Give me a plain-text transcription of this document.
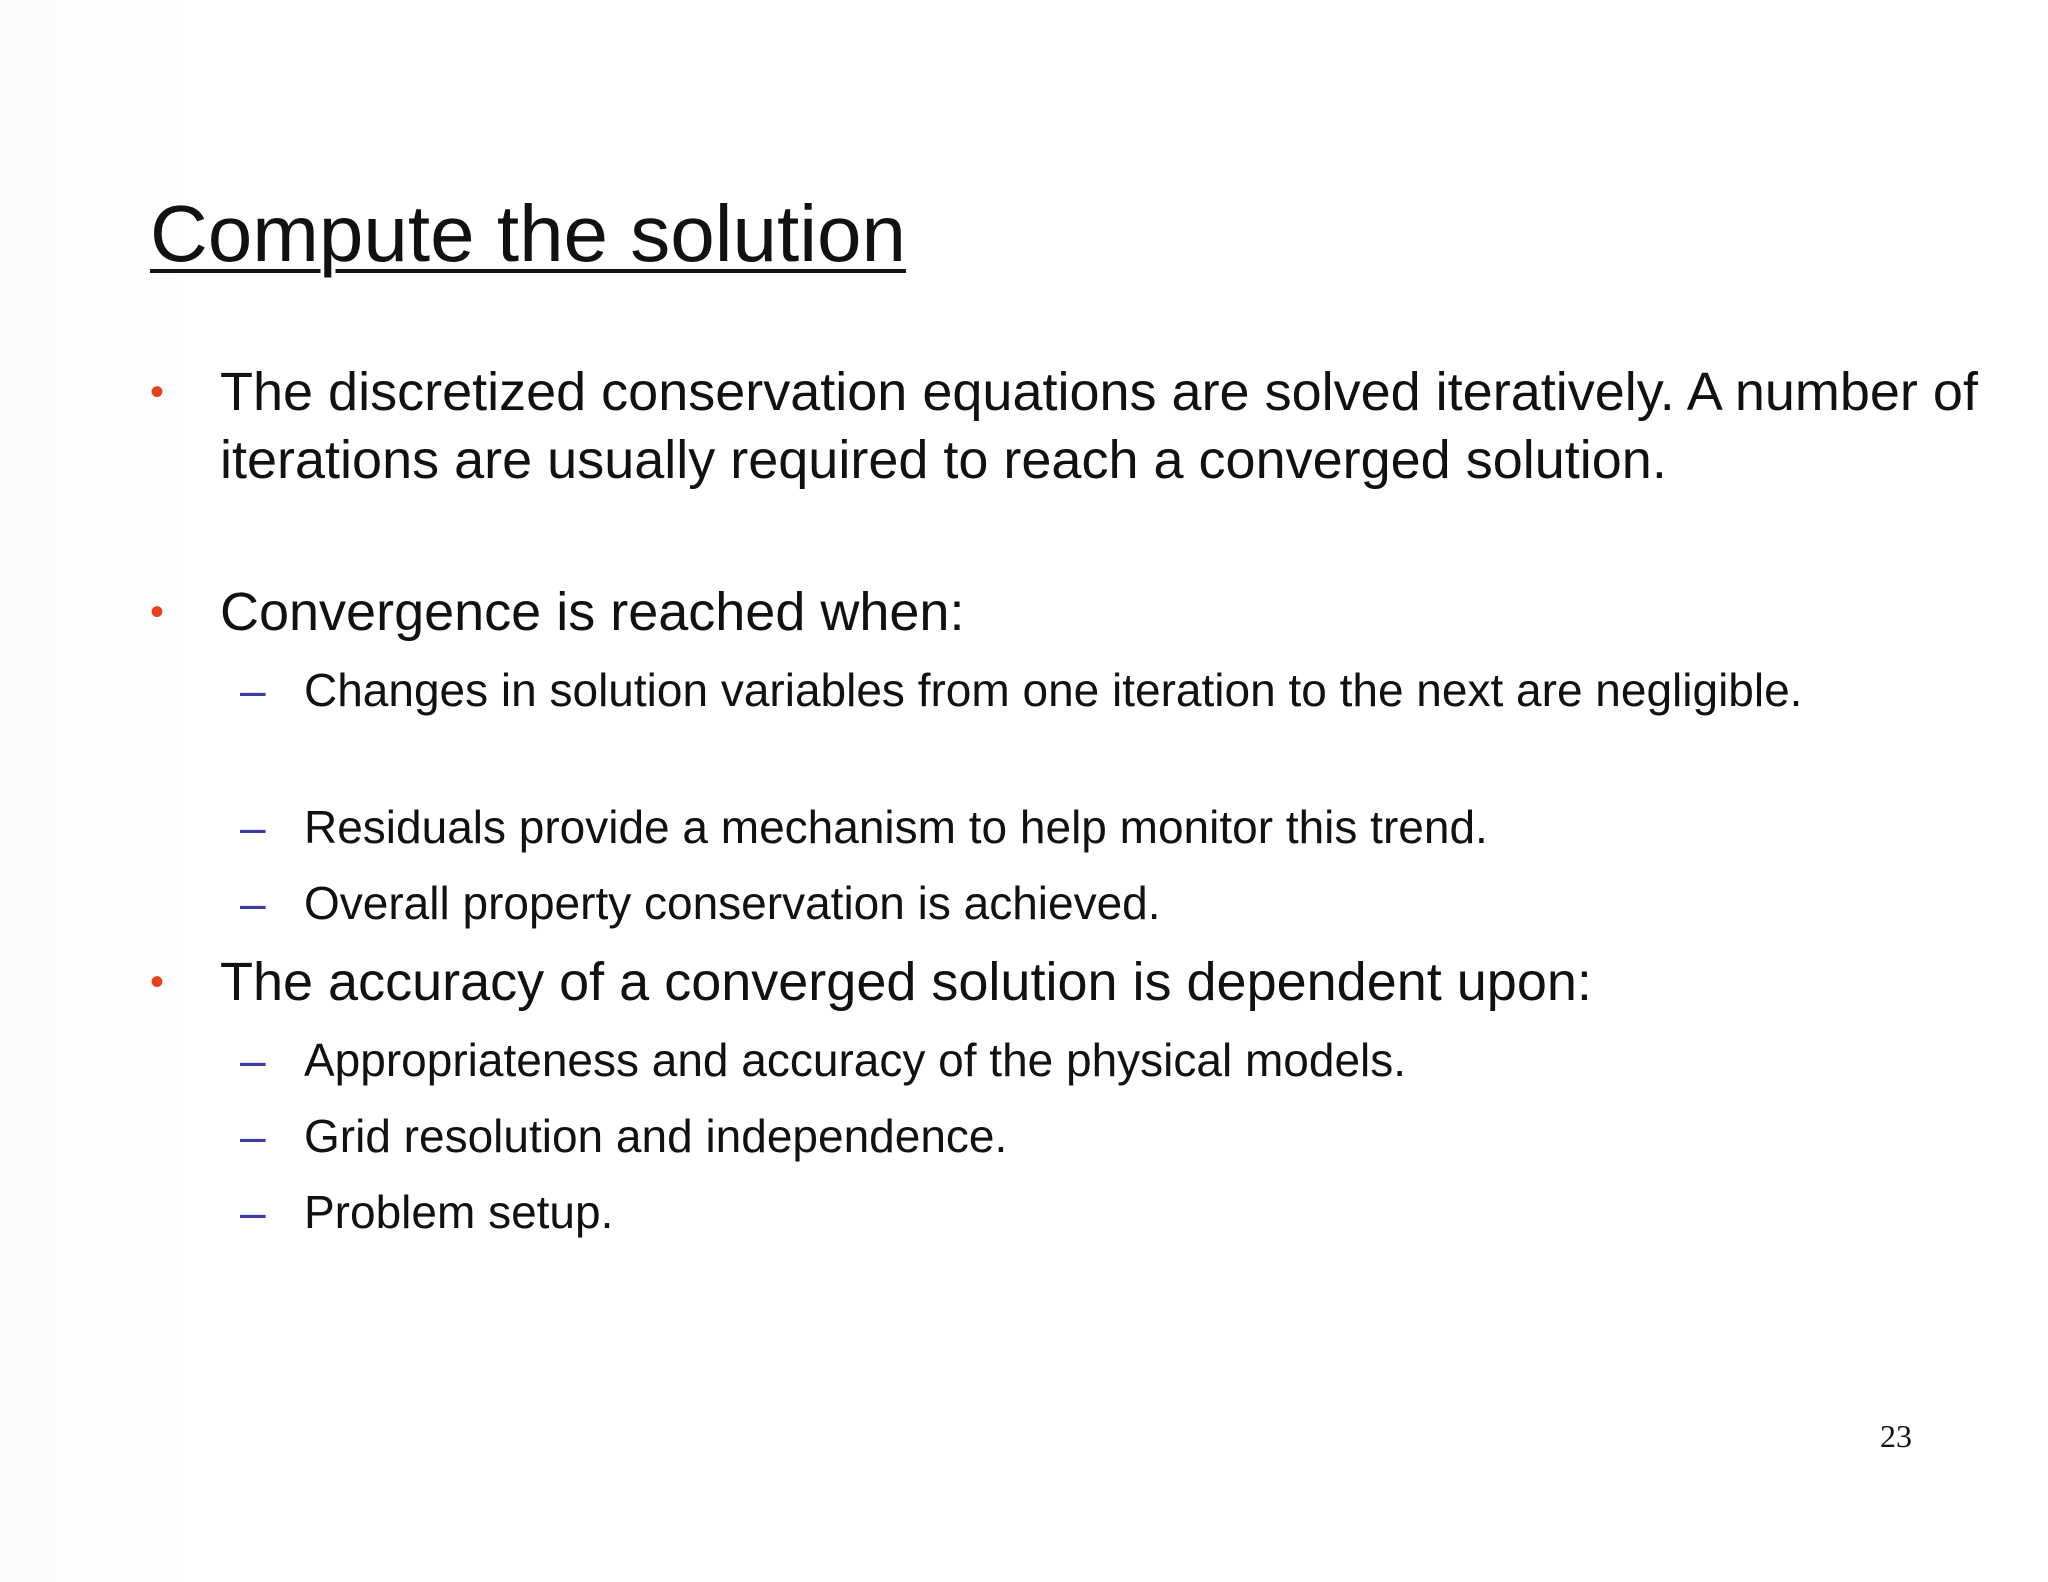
Compute the solution
• The discretized conservation equations are solved iteratively. A number of iterations are usually required to reach a converged solution.
• Convergence is reached when:
– Changes in solution variables from one iteration to the next are negligible.
– Residuals provide a mechanism to help monitor this trend.
– Overall property conservation is achieved.
• The accuracy of a converged solution is dependent upon:
– Appropriateness and accuracy of the physical models.
– Grid resolution and independence.
– Problem setup.
23
